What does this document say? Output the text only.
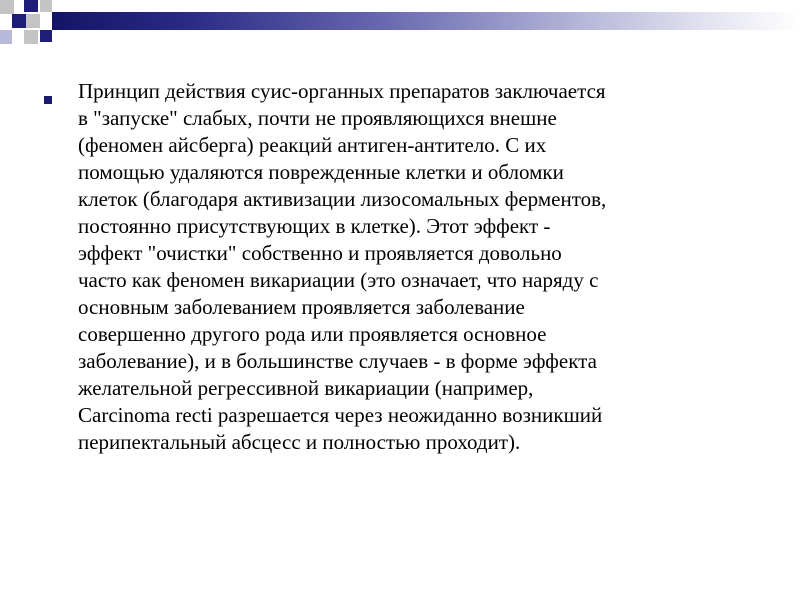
Принцип действия суис-органных препаратов заключается
в "запуске" слабых, почти не проявляющихся внешне
(феномен айсберга) реакций антиген-антитело. С их
помощью удаляются поврежденные клетки и обломки
клеток (благодаря активизации лизосомальных ферментов,
постоянно присутствующих в клетке). Этот эффект -
эффект "очистки" собственно и проявляется довольно
часто как феномен викариации (это означает, что наряду с
основным заболеванием проявляется заболевание
совершенно другого рода или проявляется основное
заболевание), и в большинстве случаев - в форме эффекта
желательной регрессивной викариации (например,
Carcinoma recti разрешается через неожиданно возникший
перипектальный абсцесс и полностью проходит).
